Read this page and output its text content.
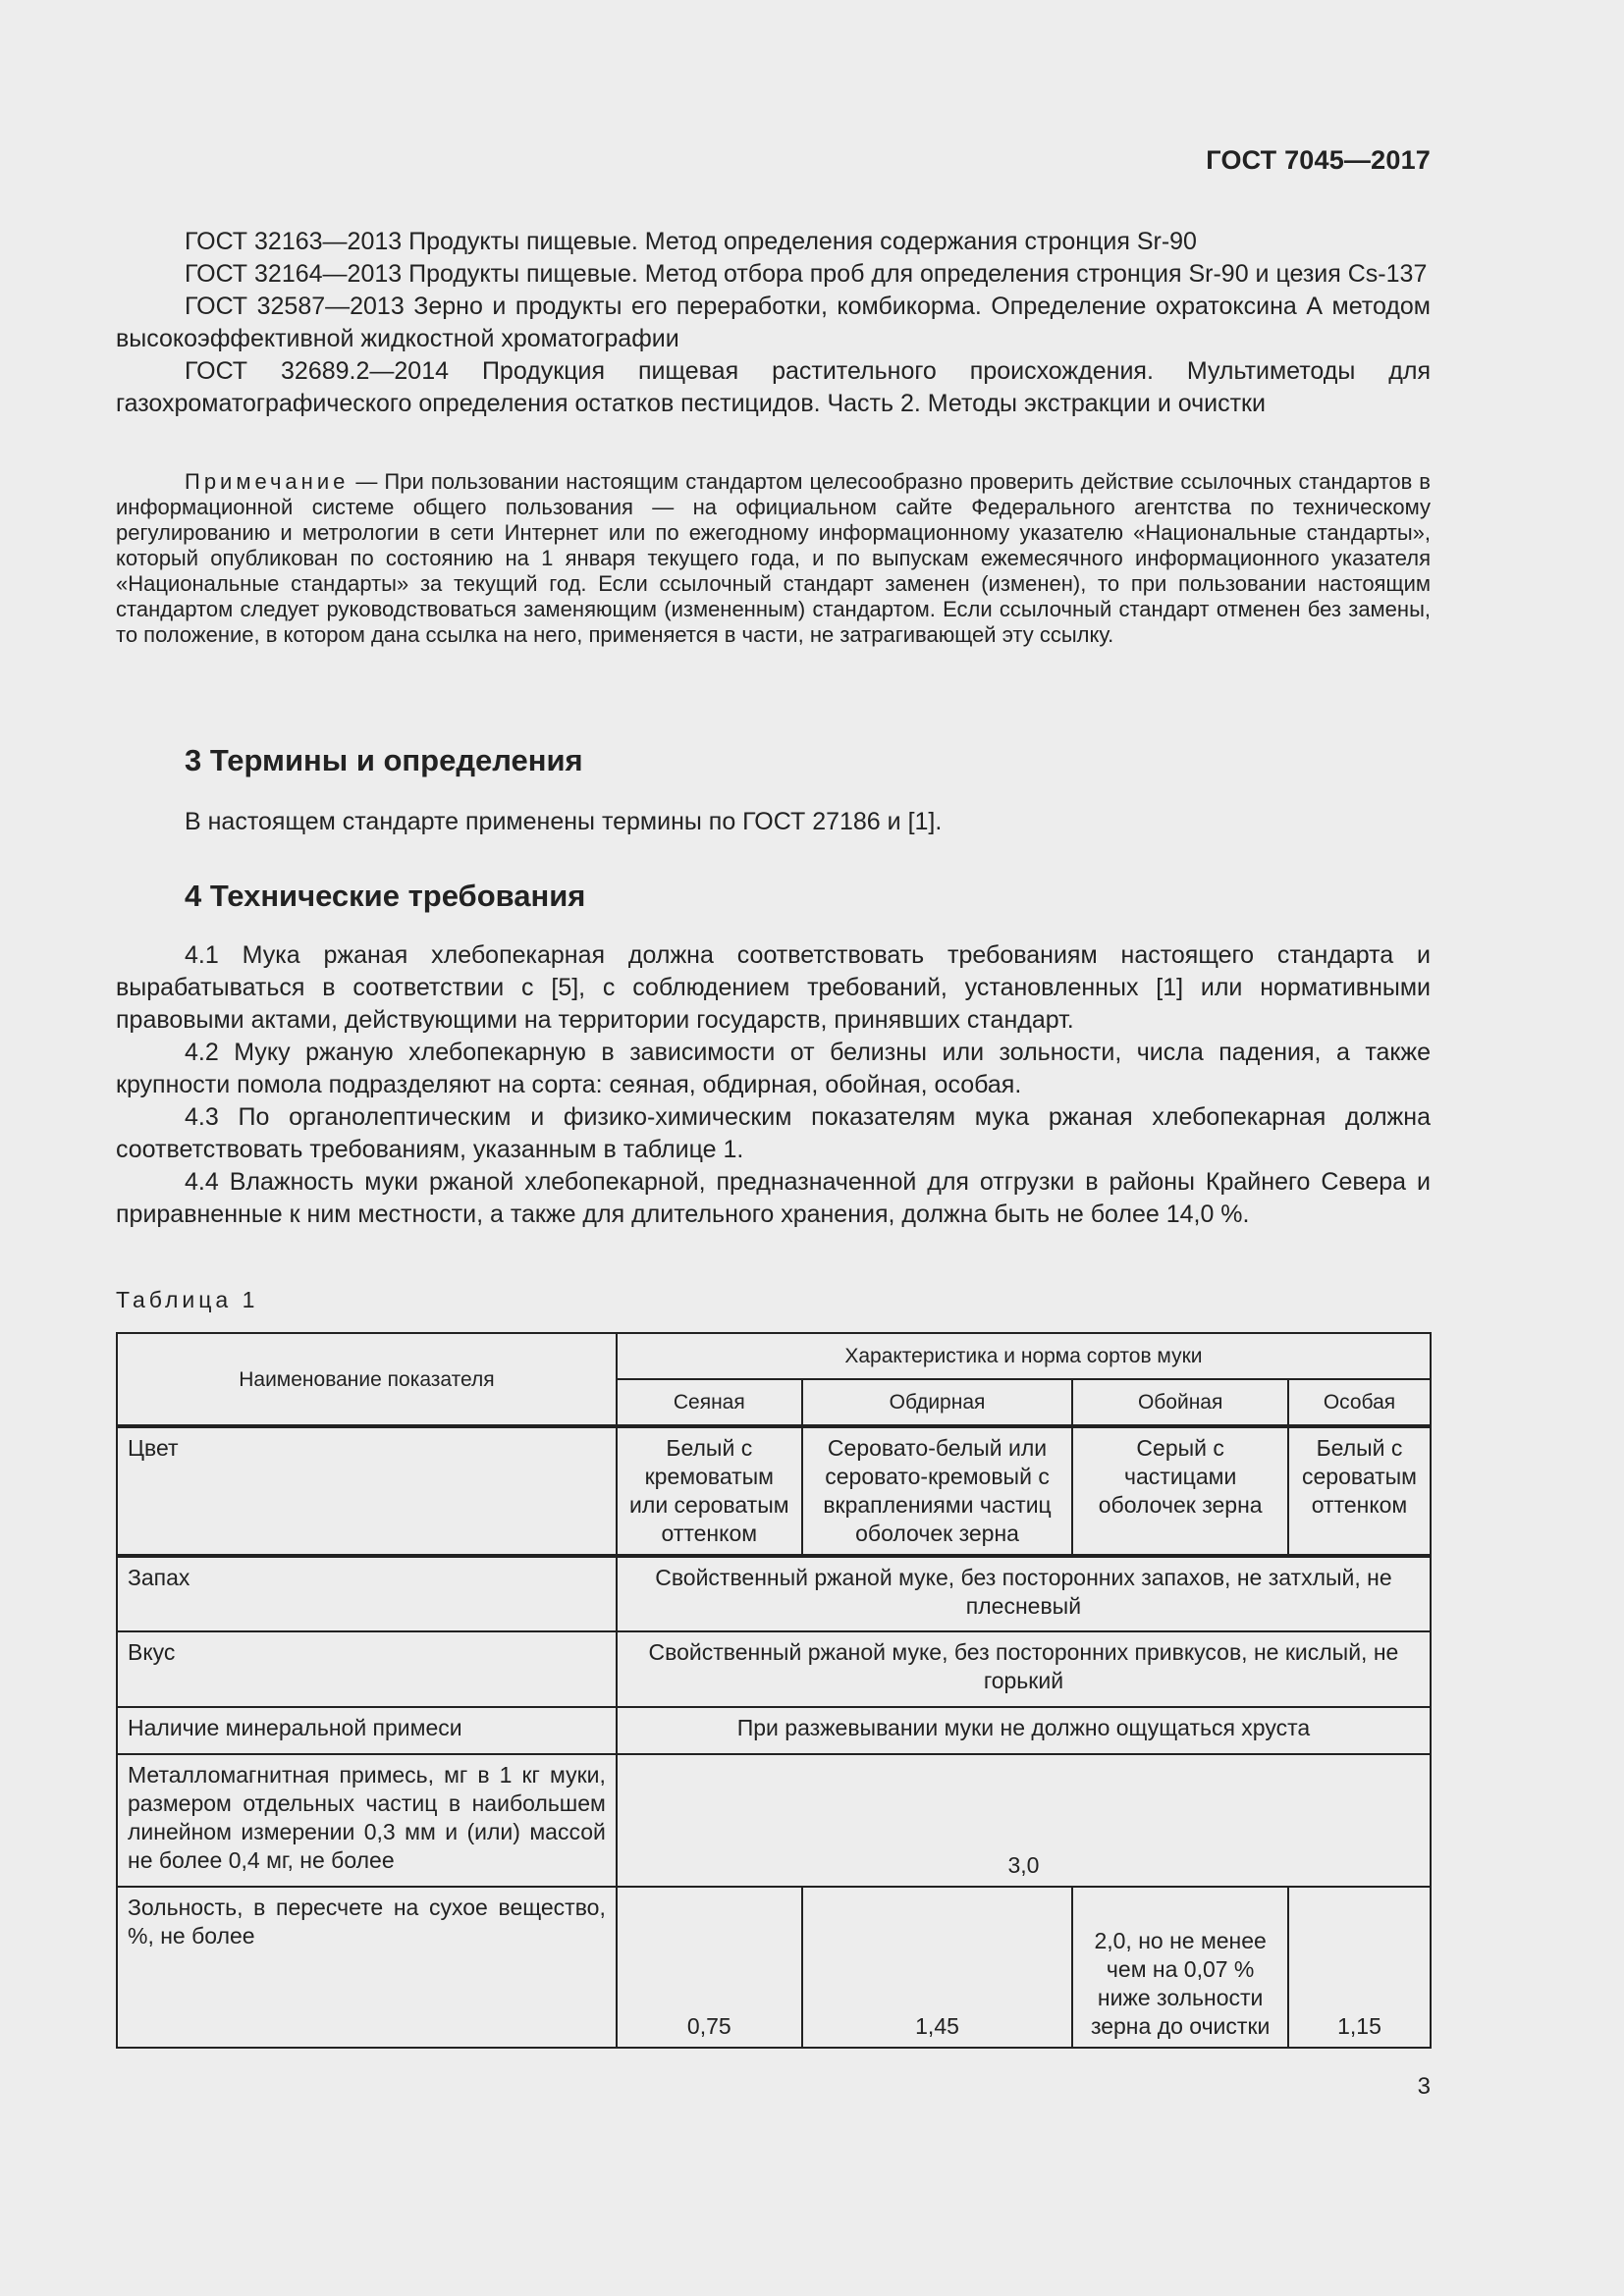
ГОСТ 7045—2017

ГОСТ 32163—2013 Продукты пищевые. Метод определения содержания стронция Sr-90

ГОСТ 32164—2013 Продукты пищевые. Метод отбора проб для определения стронция Sr-90 и цезия Cs-137

ГОСТ 32587—2013 Зерно и продукты его переработки, комбикорма. Определение охратоксина А методом высокоэффективной жидкостной хроматографии

ГОСТ 32689.2—2014 Продукция пищевая растительного происхождения. Мультиметоды для газохроматографического определения остатков пестицидов. Часть 2. Методы экстракции и очистки

Примечание — При пользовании настоящим стандартом целесообразно проверить действие ссылочных стандартов в информационной системе общего пользования — на официальном сайте Федерального агентства по техническому регулированию и метрологии в сети Интернет или по ежегодному информационному указателю «Национальные стандарты», который опубликован по состоянию на 1 января текущего года, и по выпускам ежемесячного информационного указателя «Национальные стандарты» за текущий год. Если ссылочный стандарт заменен (изменен), то при пользовании настоящим стандартом следует руководствоваться заменяющим (измененным) стандартом. Если ссылочный стандарт отменен без замены, то положение, в котором дана ссылка на него, применяется в части, не затрагивающей эту ссылку.

3 Термины и определения

В настоящем стандарте применены термины по ГОСТ 27186 и [1].

4 Технические требования

4.1 Мука ржаная хлебопекарная должна соответствовать требованиям настоящего стандарта и вырабатываться в соответствии с [5], с соблюдением требований, установленных [1] или нормативными правовыми актами, действующими на территории государств, принявших стандарт.

4.2 Муку ржаную хлебопекарную в зависимости от белизны или зольности, числа падения, а также крупности помола подразделяют на сорта: сеяная, обдирная, обойная, особая.

4.3 По органолептическим и физико-химическим показателям мука ржаная хлебопекарная должна соответствовать требованиям, указанным в таблице 1.

4.4 Влажность муки ржаной хлебопекарной, предназначенной для отгрузки в районы Крайнего Севера и приравненные к ним местности, а также для длительного хранения, должна быть не более 14,0 %.

Таблица 1
Наименование показателя	Характеристика и норма сортов муки			
	Сеяная	Обдирная	Обойная	Особая
Цвет	Белый с кремоватым или сероватым оттенком	Серовато-белый или серовато-кремовый с вкраплениями частиц оболочек зерна	Серый с частицами оболочек зерна	Белый с сероватым оттенком
Запах	Свойственный ржаной муке, без посторонних запахов, не затхлый, не плесневый			
Вкус	Свойственный ржаной муке, без посторонних привкусов, не кислый, не горький			
Наличие минеральной примеси	При разжевывании муки не должно ощущаться хруста			
Металломагнитная примесь, мг в 1 кг муки, размером отдельных частиц в наибольшем линейном измерении 0,3 мм и (или) массой не более 0,4 мг, не более	3,0			
Зольность, в пересчете на сухое вещество, %, не более	0,75	1,45	2,0, но не менее чем на 0,07 % ниже зольности зерна до очистки	1,15
3
